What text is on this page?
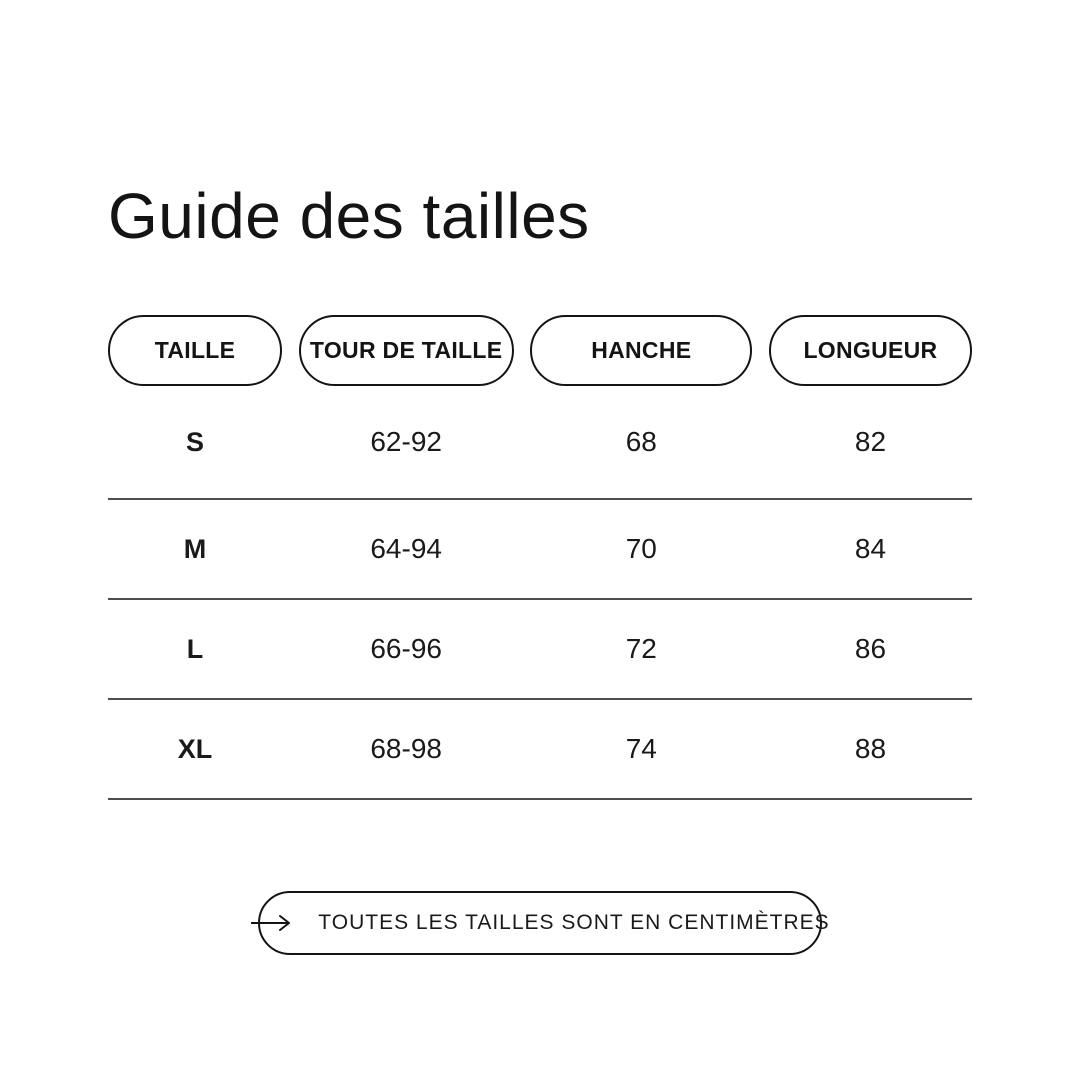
Guide des tailles
TAILLE	TOUR DE TAILLE	HANCHE	LONGUEUR
S	62-92	68	82
M	64-94	70	84
L	66-96	72	86
XL	68-98	74	88
TOUTES LES TAILLES SONT EN CENTIMÈTRES
